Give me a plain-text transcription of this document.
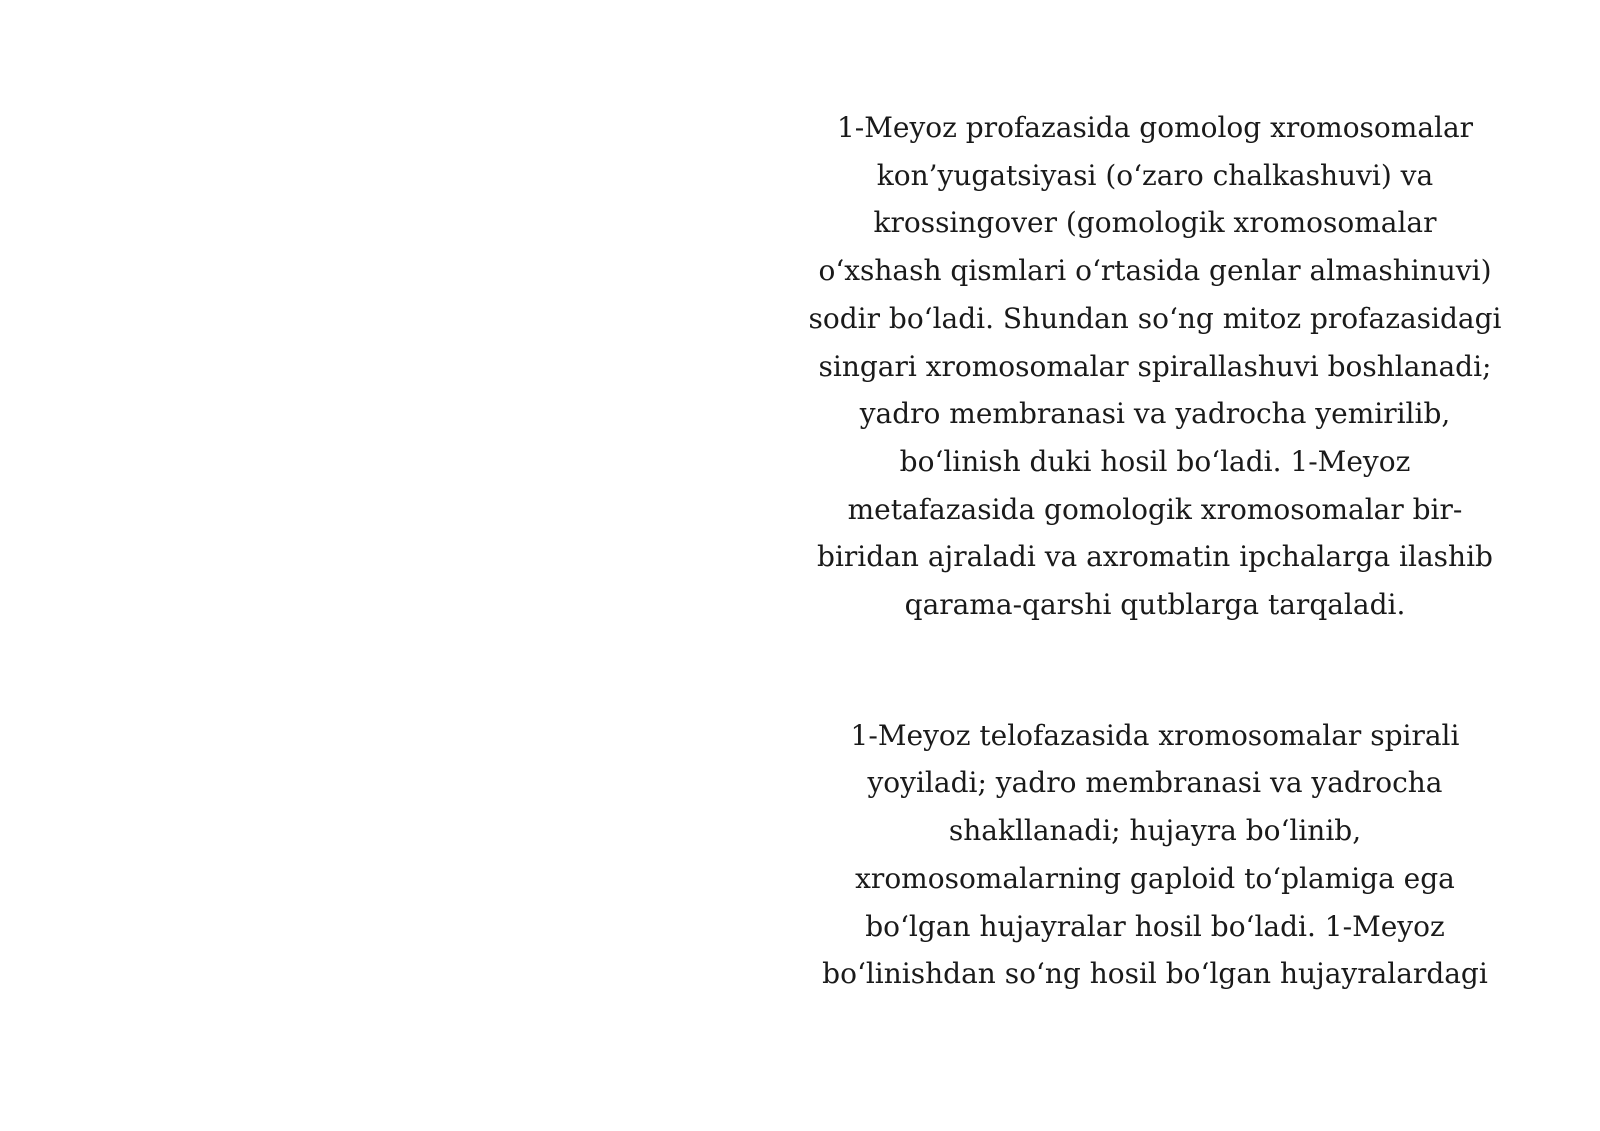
1-Meyoz profazasida gomolog xromosomalar
kon’yugatsiyasi (o‘zaro chalkashuvi) va
krossingover (gomologik xromosomalar
o‘xshash qismlari o‘rtasida genlar almashinuvi)
sodir bo‘ladi. Shundan so‘ng mitoz profazasidagi
singari xromosomalar spirallashuvi boshlanadi;
yadro membranasi va yadrocha yemirilib,
bo‘linish duki hosil bo‘ladi. 1-Meyoz
metafazasida gomologik xromosomalar bir-
biridan ajraladi va axromatin ipchalarga ilashib
qarama-qarshi qutblarga tarqaladi.
1-Meyoz telofazasida xromosomalar spirali
yoyiladi; yadro membranasi va yadrocha
shakllanadi; hujayra bo‘linib,
xromosomalarning gaploid to‘plamiga ega
bo‘lgan hujayralar hosil bo‘ladi. 1-Meyoz
bo‘linishdan so‘ng hosil bo‘lgan hujayralardagi
